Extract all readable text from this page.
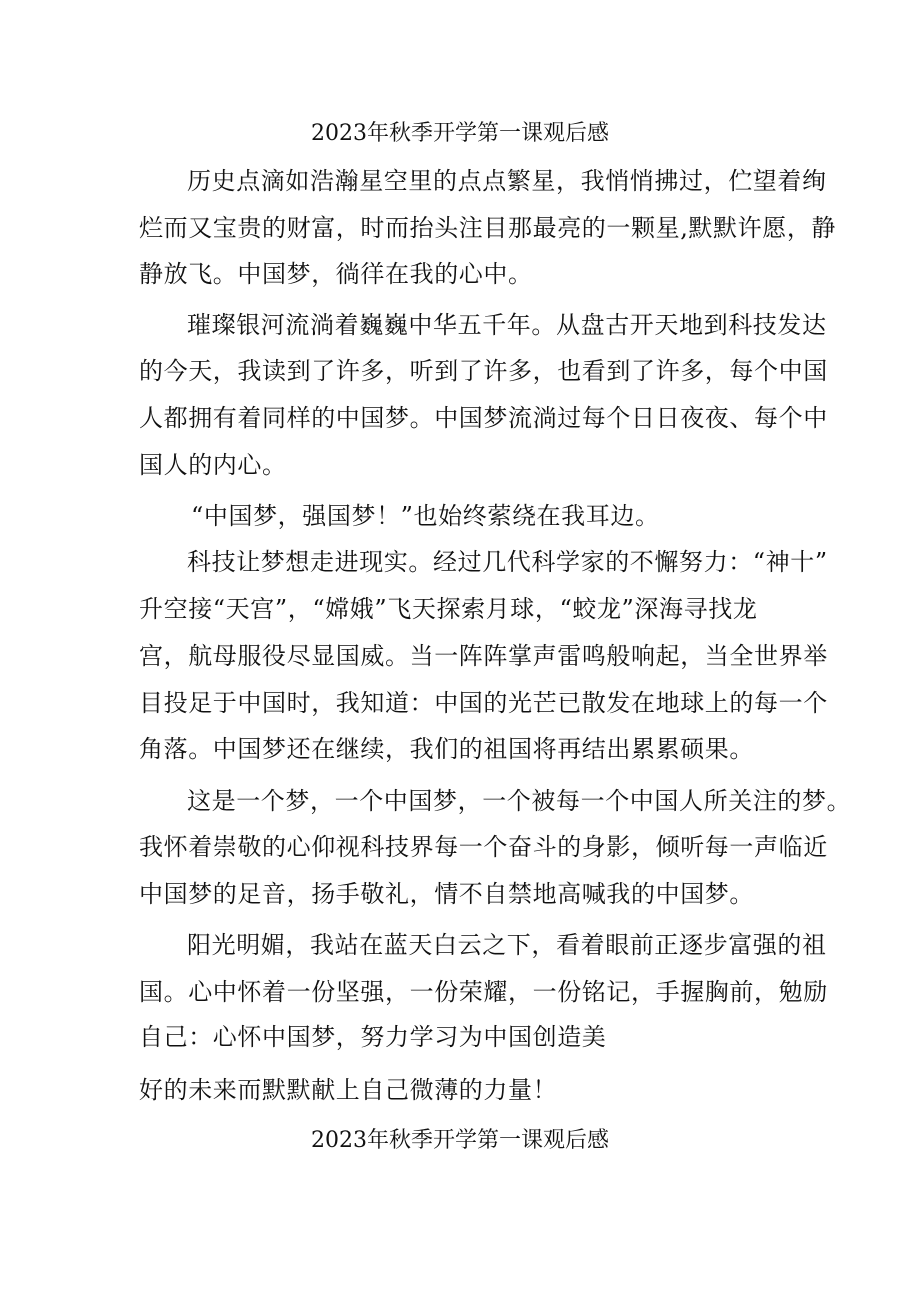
2023年秋季开学第一课观后感
历史点滴如浩瀚星空里的点点繁星，我悄悄拂过，伫望着绚
烂而又宝贵的财富，时而抬头注目那最亮的一颗星,默默许愿，静
静放飞。中国梦，徜徉在我的心中。
璀璨银河流淌着巍巍中华五千年。从盘古开天地到科技发达
的今天，我读到了许多，听到了许多，也看到了许多，每个中国
人都拥有着同样的中国梦。中国梦流淌过每个日日夜夜、每个中
国人的内心。
“中国梦，强国梦！”也始终萦绕在我耳边。
科技让梦想走进现实。经过几代科学家的不懈努力：“神十”
升空接“天宫”，“嫦娥”飞天探索月球，“蛟龙”深海寻找龙
宫，航母服役尽显国威。当一阵阵掌声雷鸣般响起，当全世界举
目投足于中国时，我知道：中国的光芒已散发在地球上的每一个
角落。中国梦还在继续，我们的祖国将再结出累累硕果。
这是一个梦，一个中国梦，一个被每一个中国人所关注的梦。
我怀着崇敬的心仰视科技界每一个奋斗的身影，倾听每一声临近
中国梦的足音，扬手敬礼，情不自禁地高喊我的中国梦。
阳光明媚，我站在蓝天白云之下，看着眼前正逐步富强的祖
国。心中怀着一份坚强，一份荣耀，一份铭记，手握胸前，勉励
自己：心怀中国梦，努力学习为中国创造美
好的未来而默默献上自己微薄的力量！
2023年秋季开学第一课观后感
